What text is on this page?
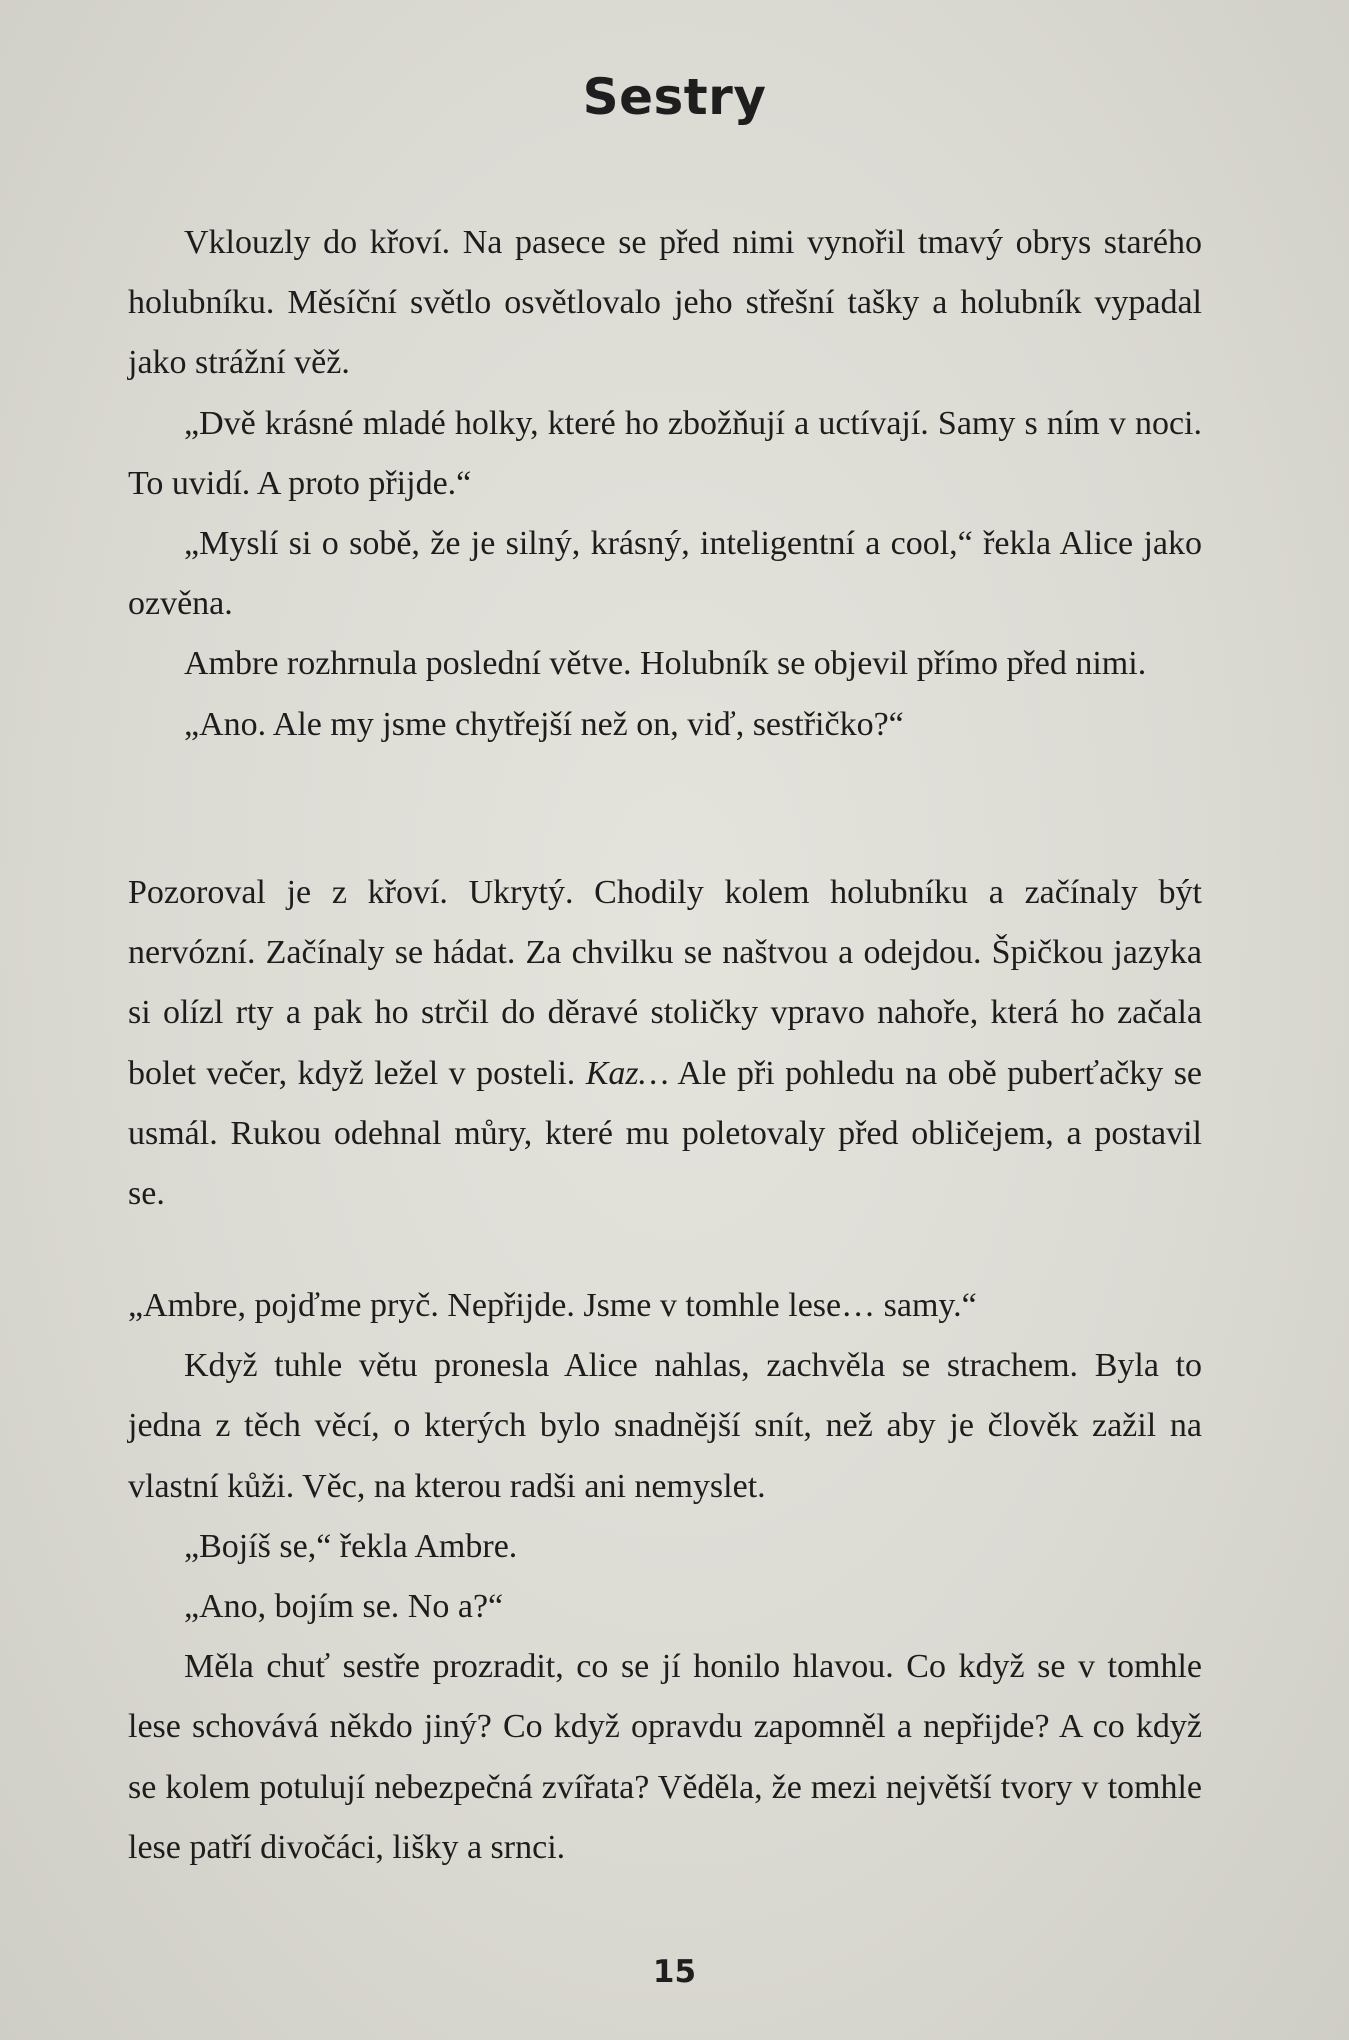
Sestry

Vklouzly do křoví. Na pasece se před nimi vynořil tmavý obrys starého holubníku. Měsíční světlo osvětlovalo jeho střešní tašky a holubník vypadal jako strážní věž.

„Dvě krásné mladé holky, které ho zbožňují a uctívají. Samy s ním v noci. To uvidí. A proto přijde.“

„Myslí si o sobě, že je silný, krásný, inteligentní a cool,“ řekla Alice jako ozvěna.

Ambre rozhrnula poslední větve. Holubník se objevil přímo před nimi.

„Ano. Ale my jsme chytřejší než on, viď, sestřičko?“

Pozoroval je z křoví. Ukrytý. Chodily kolem holubníku a začínaly být nervózní. Začínaly se hádat. Za chvilku se naštvou a odejdou. Špičkou jazyka si olízl rty a pak ho strčil do děravé stoličky vpravo nahoře, která ho začala bolet večer, když ležel v posteli. Kaz… Ale při pohledu na obě puberťačky se usmál. Rukou odehnal můry, které mu poletovaly před obličejem, a postavil se.

„Ambre, pojďme pryč. Nepřijde. Jsme v tomhle lese… samy.“

Když tuhle větu pronesla Alice nahlas, zachvěla se strachem. Byla to jedna z těch věcí, o kterých bylo snadnější snít, než aby je člověk zažil na vlastní kůži. Věc, na kterou radši ani nemyslet.

„Bojíš se,“ řekla Ambre.

„Ano, bojím se. No a?“

Měla chuť sestře prozradit, co se jí honilo hlavou. Co když se v tomhle lese schovává někdo jiný? Co když opravdu zapomněl a nepřijde? A co když se kolem potulují nebezpečná zvířata? Věděla, že mezi největší tvory v tomhle lese patří divočáci, lišky a srnci.

15
